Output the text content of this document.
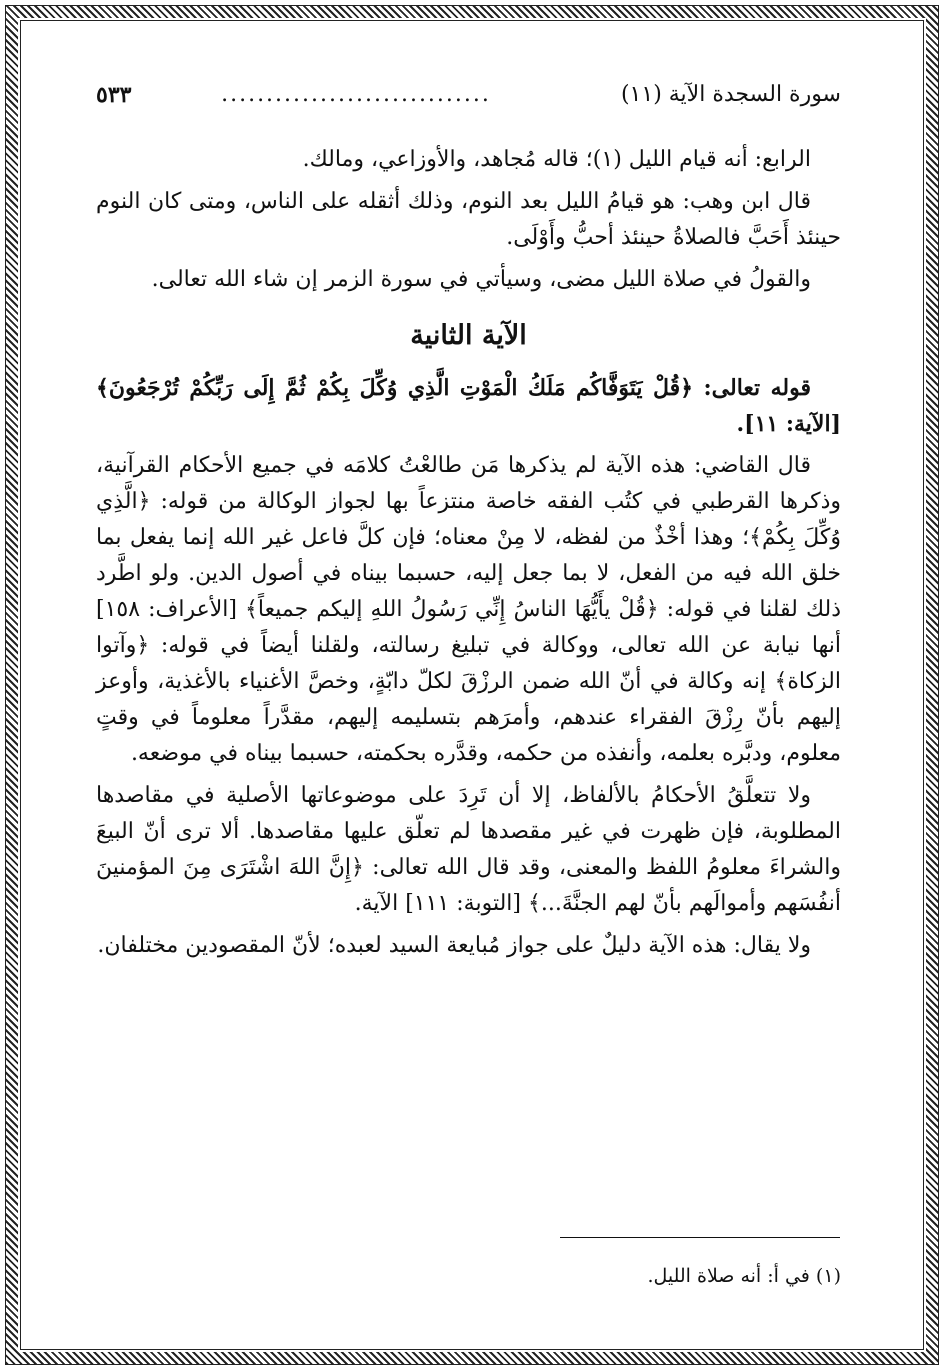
سورة السجدة الآية (١١)
..............................
٥٣٣

الرابع: أنه قيام الليل (١)؛ قاله مُجاهد، والأوزاعي، ومالك.

قال ابن وهب: هو قيامُ الليل بعد النوم، وذلك أثقله على الناس، ومتى كان النوم حينئذ أَحَبَّ فالصلاةُ حينئذ أحبُّ وأَوْلَى.

والقولُ في صلاة الليل مضى، وسيأتي في سورة الزمر إن شاء الله تعالى.

الآية الثانية

قوله تعالى: ﴿قُلْ يَتَوَفَّاكُم مَلَكُ الْمَوْتِ الَّذِي وُكِّلَ بِكُمْ ثُمَّ إِلَى رَبِّكُمْ تُرْجَعُونَ﴾ [الآية: ١١].

قال القاضي: هذه الآية لم يذكرها مَن طالعْتُ كلامَه في جميع الأحكام القرآنية، وذكرها القرطبي في كتُب الفقه خاصة منتزعاً بها لجواز الوكالة من قوله: ﴿الَّذِي وُكِّلَ بِكُمْ﴾؛ وهذا أخْذٌ من لفظه، لا مِنْ معناه؛ فإن كلَّ فاعل غير الله إنما يفعل بما خلق الله فيه من الفعل، لا بما جعل إليه، حسبما بيناه في أصول الدين. ولو اطَّرد ذلك لقلنا في قوله: ﴿قُلْ يأَيُّهَا الناسُ إِنِّي رَسُولُ اللهِ إليكم جميعاً﴾ [الأعراف: ١٥٨] أنها نيابة عن الله تعالى، ووكالة في تبليغ رسالته، ولقلنا أيضاً في قوله: ﴿وآتوا الزكاة﴾ إنه وكالة في أنّ الله ضمن الرزْقَ لكلّ دابّةٍ، وخصَّ الأغنياء بالأغذية، وأوعز إليهم بأنّ رِزْقَ الفقراء عندهم، وأمرَهم بتسليمه إليهم، مقدَّراً معلوماً في وقتٍ معلوم، ودبَّره بعلمه، وأنفذه من حكمه، وقدَّره بحكمته، حسبما بيناه في موضعه.

ولا تتعلَّقُ الأحكامُ بالألفاظ، إلا أن تَرِدَ على موضوعاتها الأصلية في مقاصدها المطلوبة، فإن ظهرت في غير مقصدها لم تعلّق عليها مقاصدها. ألا ترى أنّ البيعَ والشراءَ معلومُ اللفظ والمعنى، وقد قال الله تعالى: ﴿إِنَّ اللهَ اشْتَرَى مِنَ المؤمنينَ أنفُسَهم وأموالَهم بأنّ لهم الجنَّةَ...﴾ [التوبة: ١١١] الآية.

ولا يقال: هذه الآية دليلٌ على جواز مُبايعة السيد لعبده؛ لأنّ المقصودين مختلفان.

(١) في أ: أنه صلاة الليل.
